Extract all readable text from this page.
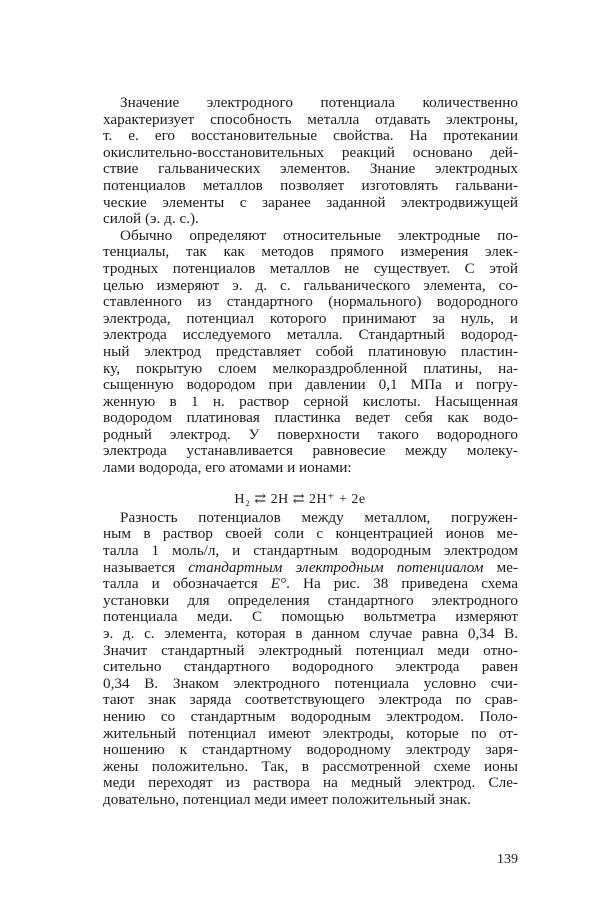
Значение электродного потенциала количественно
характеризует способность металла отдавать электроны,
т. е. его восстановительные свойства. На протекании
окислительно-восстановительных реакций основано дей-
ствие гальванических элементов. Знание электродных
потенциалов металлов позволяет изготовлять гальвани-
ческие элементы с заранее заданной электродвижущей
силой (э. д. с.).
Обычно определяют относительные электродные по-
тенциалы, так как методов прямого измерения элек-
тродных потенциалов металлов не существует. С этой
целью измеряют э. д. с. гальванического элемента, со-
ставленного из стандартного (нормального) водородного
электрода, потенциал которого принимают за нуль, и
электрода исследуемого металла. Стандартный водород-
ный электрод представляет собой платиновую пластин-
ку, покрытую слоем мелкораздробленной платины, на-
сыщенную водородом при давлении 0,1 МПа и погру-
женную в 1 н. раствор серной кислоты. Насыщенная
водородом платиновая пластинка ведет себя как водо-
родный электрод. У поверхности такого водородного
электрода устанавливается равновесие между молеку-
лами водорода, его атомами и ионами:
Разность потенциалов между металлом, погружен-
ным в раствор своей соли с концентрацией ионов ме-
талла 1 моль/л, и стандартным водородным электродом
называется стандартным электродным потенциалом ме-
талла и обозначается E°. На рис. 38 приведена схема
установки для определения стандартного электродного
потенциала меди. С помощью вольтметра измеряют
э. д. с. элемента, которая в данном случае равна 0,34 В.
Значит стандартный электродный потенциал меди отно-
сительно стандартного водородного электрода равен
0,34 В. Знаком электродного потенциала условно счи-
тают знак заряда соответствующего электрода по срав-
нению со стандартным водородным электродом. Поло-
жительный потенциал имеют электроды, которые по от-
ношению к стандартному водородному электроду заря-
жены положительно. Так, в рассмотренной схеме ионы
меди переходят из раствора на медный электрод. Сле-
довательно, потенциал меди имеет положительный знак.
H₂ ⇄ 2H ⇄ 2H⁺ + 2e
139
